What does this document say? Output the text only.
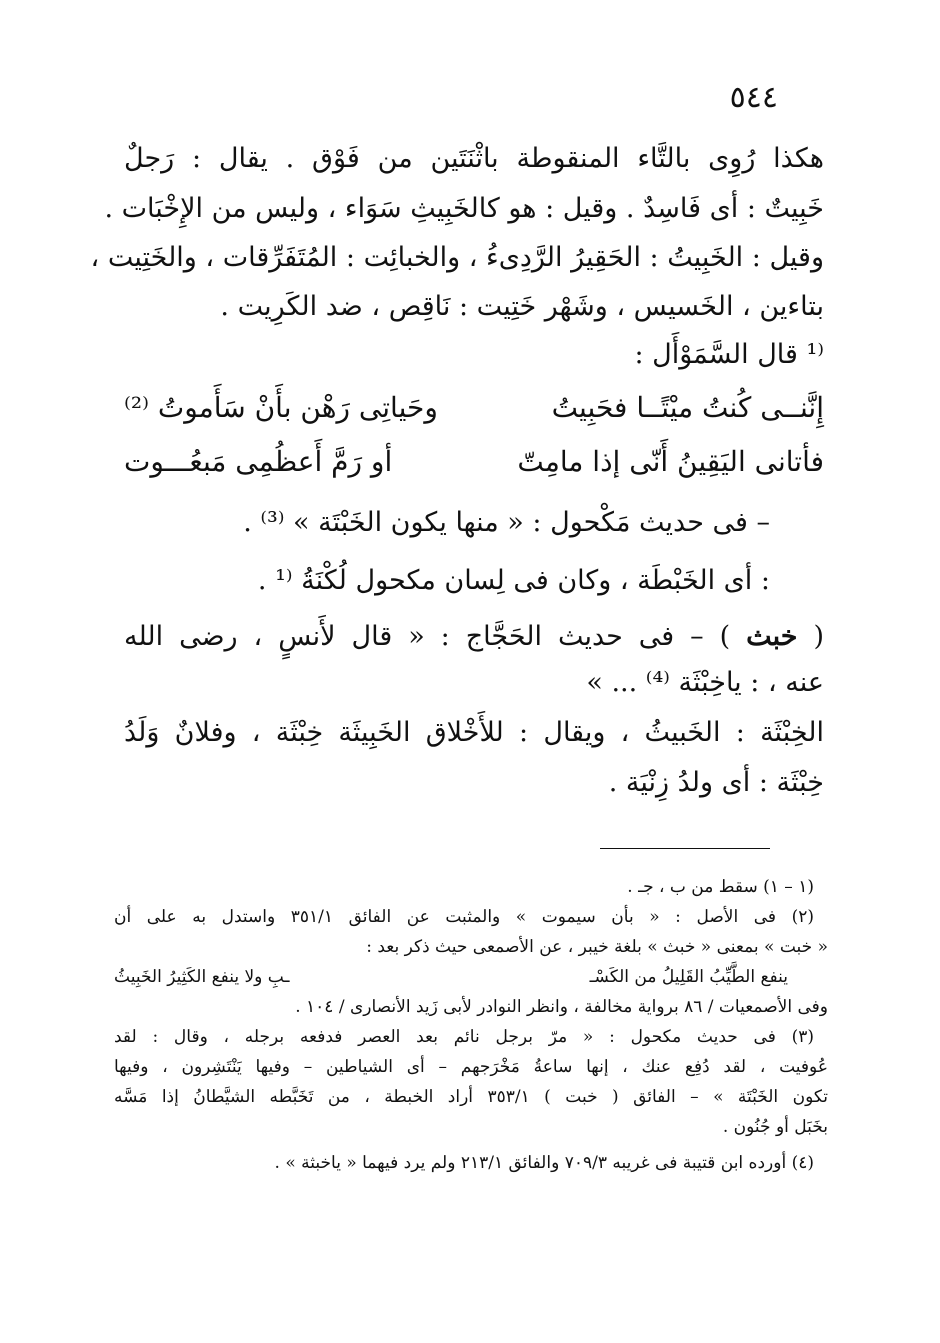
٥٤٤

هكذا رُوِى بالتَّاء المنقوطة باثْنَتَين من فَوْق . يقال : رَجلٌ

خَبِيتٌ : أى فَاسِدٌ . وقيل : هو كالخَبِيثِ سَوَاء ، وليس من الإِخْبَات .

وقيل : الخَبِيتُ : الحَقِيرُ الرَّدِىءُ ، والخبائِت : المُتَفَرِّقات ، والخَتِيت ،

بتاءين ، الخَسيس ، وشَهْر خَتِيت : نَاقِص ، ضد الكَرِيت .

⁽¹ قال السَّمَوْأَل :

إِنَّنــى كُنتُ ميْتًــا فحَبِيتُ
وحَياتِى رَهْن بأَنْ سَأَموتُ ⁽²⁾
فأتانى اليَقِينُ أَنّى إذا مامِتّ
أو رَمَّ أَعظُمِى مَبعُـــوت

– فى حديث مَكْحول : « منها يكون الخَبْتَة » ⁽³⁾ .

: أى الخَبْطَة ، وكان فى لِسان مكحول لُكْنَةُ ⁽¹ .

( خبث ) – فى حديث الحَجَّاج : « قال لأَنسٍ ، رضى الله

عنه ، : ياخِبْثَة ⁽⁴⁾ ... »

الخِبْثَة : الخَبيثُ ، ويقال : للأَخْلاق الخَبِيثَة خِبْثَة ، وفلانٌ وَلَدُ

خِبْثَة : أى ولدُ زِنْيَة .

(١ – ١) سقط من ب ، جـ .

(٢) فى الأصل : « بأن سيموت » والمثبت عن الفائق ٣٥١/١ واستدل به على أن

« خبت » بمعنى « خبث » بلغة خيبر ، عن الأصمعى حيث ذكر بعد :

ينفع الطَّيِّبُ القَلِيلُ من الكَسْـ
ـبِ ولا ينفع الكَثِيرُ الخَبِيثُ

وفى الأصمعيات / ٨٦ برواية مخالفة ، وانظر النوادر لأبى زَيد الأنصارى / ١٠٤ .

(٣) فى حديث مكحول : « مرّ برجل نائم بعد العصر فدفعه برجله ، وقال : لقد

عُوفيت ، لقد دُفِع عنك ، إنها ساعةُ مَخْرَجهم – أى الشياطين – وفيها يَنْتَشِرون ، وفيها

تكون الخَبْتَة » – الفائق ( خبت ) ٣٥٣/١ أراد الخبطة ، من تَخَبَّطه الشيَّطانُ إذا مَسَّه

بخَبَل أو جُنُون .

(٤) أورده ابن قتيبة فى غريبه ٧٠٩/٣ والفائق ٢١٣/١ ولم يرد فيهما « ياخبثة » .
